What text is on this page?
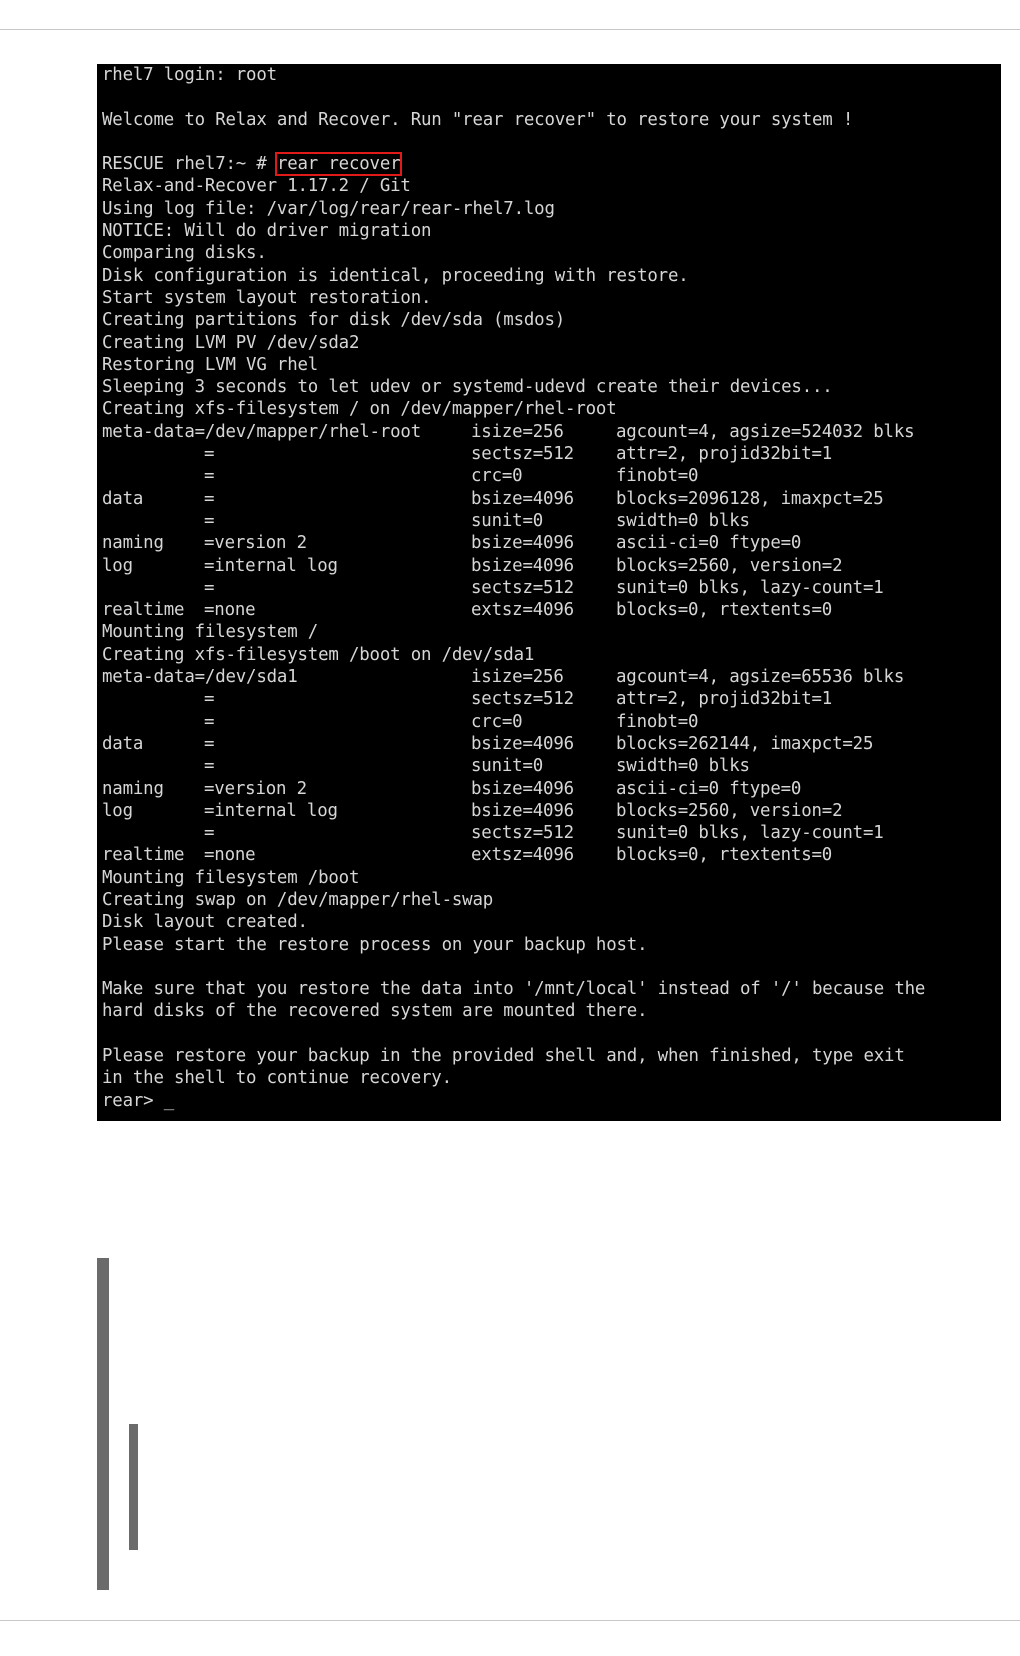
rhel7 login: root
Welcome to Relax and Recover. Run "rear recover" to restore your system !
RESCUE rhel7:~ # rear recover
Relax-and-Recover 1.17.2 / Git
Using log file: /var/log/rear/rear-rhel7.log
NOTICE: Will do driver migration
Comparing disks.
Disk configuration is identical, proceeding with restore.
Start system layout restoration.
Creating partitions for disk /dev/sda (msdos)
Creating LVM PV /dev/sda2
Restoring LVM VG rhel
Sleeping 3 seconds to let udev or systemd-udevd create their devices...
Creating xfs-filesystem / on /dev/mapper/rhel-root
meta-data=/dev/mapper/rhel-root	isize=256	agcount=4, agsize=524032 blks
=	sectsz=512 attr=2, projid32bit=1
=	crc=0	finobt=0
data	=	bsize=4096 blocks=2096128, imaxpct=25
=	sunit=0	swidth=0 blks
naming =version 2	bsize=4096 ascii-ci=0 ftype=0
log	=internal log	bsize=4096 blocks=2560, version=2
=	sectsz=512 sunit=0 blks, lazy-count=1
realtime =none	extsz=4096 blocks=0, rtextents=0
Mounting filesystem /
Creating xfs-filesystem /boot on /dev/sda1
meta-data=/dev/sda1	isize=256	agcount=4, agsize=65536 blks
=	sectsz=512 attr=2, projid32bit=1
=	crc=0	finobt=0
data	=	bsize=4096 blocks=262144, imaxpct=25
=	sunit=0	swidth=0 blks
naming =version 2	bsize=4096 ascii-ci=0 ftype=0
log	=internal log	bsize=4096 blocks=2560, version=2
=	sectsz=512 sunit=0 blks, lazy-count=1
realtime =none	extsz=4096 blocks=0, rtextents=0
Mounting filesystem /boot
Creating swap on /dev/mapper/rhel-swap
Disk layout created.
Please start the restore process on your backup host.
Make sure that you restore the data into '/mnt/local' instead of '/' because the
hard disks of the recovered system are mounted there.
Please restore your backup in the provided shell and, when finished, type exit
in the shell to continue recovery.
rear> _
